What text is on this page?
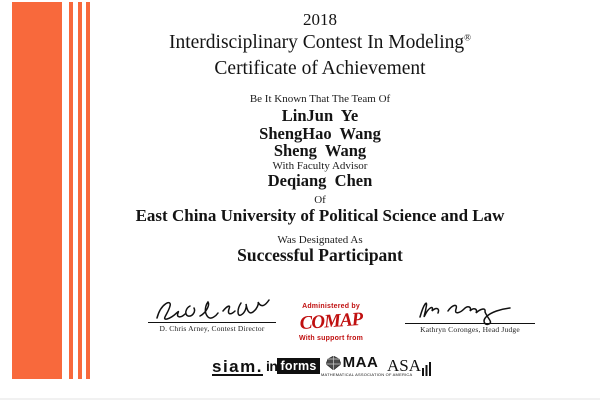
2018
Interdisciplinary Contest In Modeling®
Certificate of Achievement
Be It Known That The Team Of
LinJun  Ye
ShengHao  Wang
Sheng  Wang
With Faculty Advisor
Deqiang  Chen
Of
East China University of Political Science and Law
Was Designated As
Successful Participant
D. Chris Arney, Contest Director
Administered by
COMAP
With support from
Kathryn Coronges, Head Judge
siam. in forms MAA
MATHEMATICAL ASSOCIATION OF AMERICA
ASA
